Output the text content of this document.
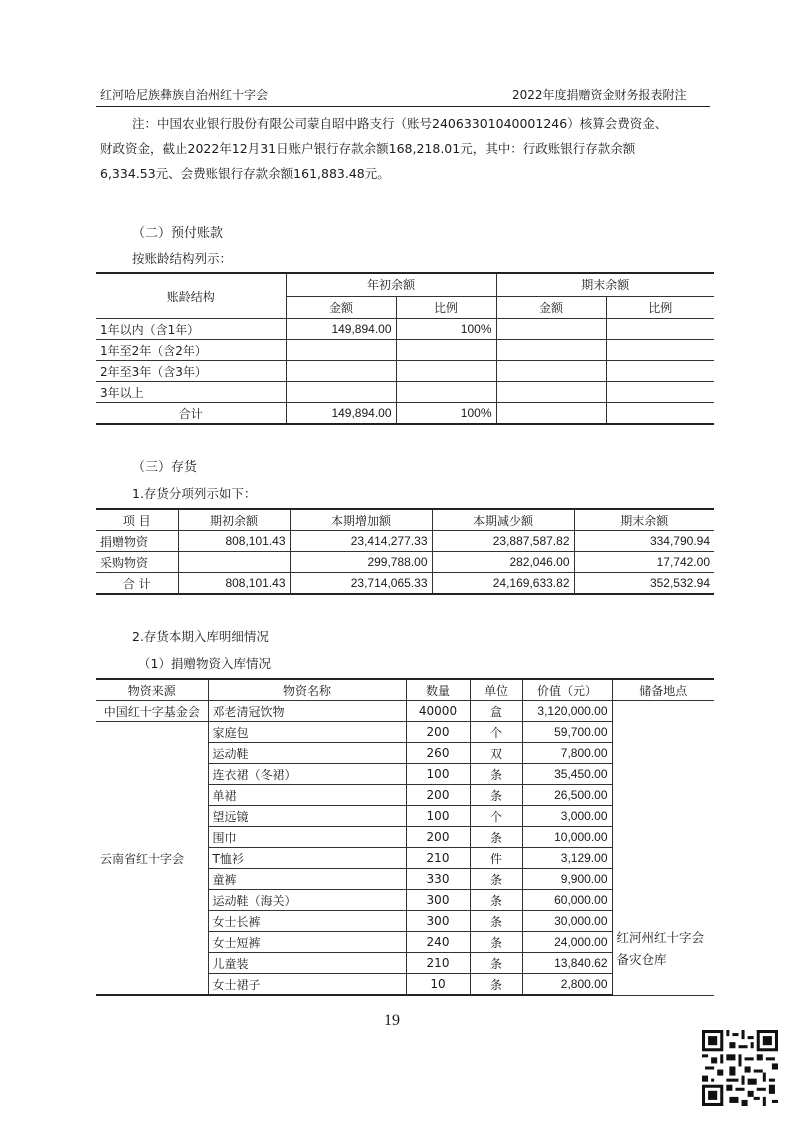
红河哈尼族彝族自治州红十字会	2022年度捐赠资金财务报表附注
注：中国农业银行股份有限公司蒙自昭中路支行（账号24063301040001246）核算会费资金、
财政资金，截止2022年12月31日账户银行存款余额168,218.01元，其中：行政账银行存款余额
6,334.53元、会费账银行存款余额161,883.48元。
（二）预付账款
按账龄结构列示：
账龄结构	年初余额		期末余额	
	金额	比例	金额	比例
1年以内（含1年）	149,894.00	100%		
1年至2年（含2年）				
2年至3年（含3年）				
3年以上				
合计	149,894.00	100%		
（三）存货
1.存货分项列示如下：
项 目	期初余额	本期增加额	本期减少额	期末余额
捐赠物资	808,101.43	23,414,277.33	23,887,587.82	334,790.94
采购物资		299,788.00	282,046.00	17,742.00
合 计	808,101.43	23,714,065.33	24,169,633.82	352,532.94
2.存货本期入库明细情况
（1）捐赠物资入库情况
物资来源	物资名称	数量	单位	价值（元）	储备地点
中国红十字基金会	邓老清冠饮物	40000	盒	3,120,000.00	红河州红十字会备灾仓库
云南省红十字会	家庭包	200	个	59,700.00	
	运动鞋	260	双	7,800.00	
	连衣裙（冬裙）	100	条	35,450.00	
	单裙	200	条	26,500.00	
	望远镜	100	个	3,000.00	
	围巾	200	条	10,000.00	
	T恤衫	210	件	3,129.00	
	童裤	330	条	9,900.00	
	运动鞋（海关）	300	条	60,000.00	
	女士长裤	300	条	30,000.00	
	女士短裤	240	条	24,000.00	
	儿童装	210	条	13,840.62	
	女士裙子	10	条	2,800.00	
19
